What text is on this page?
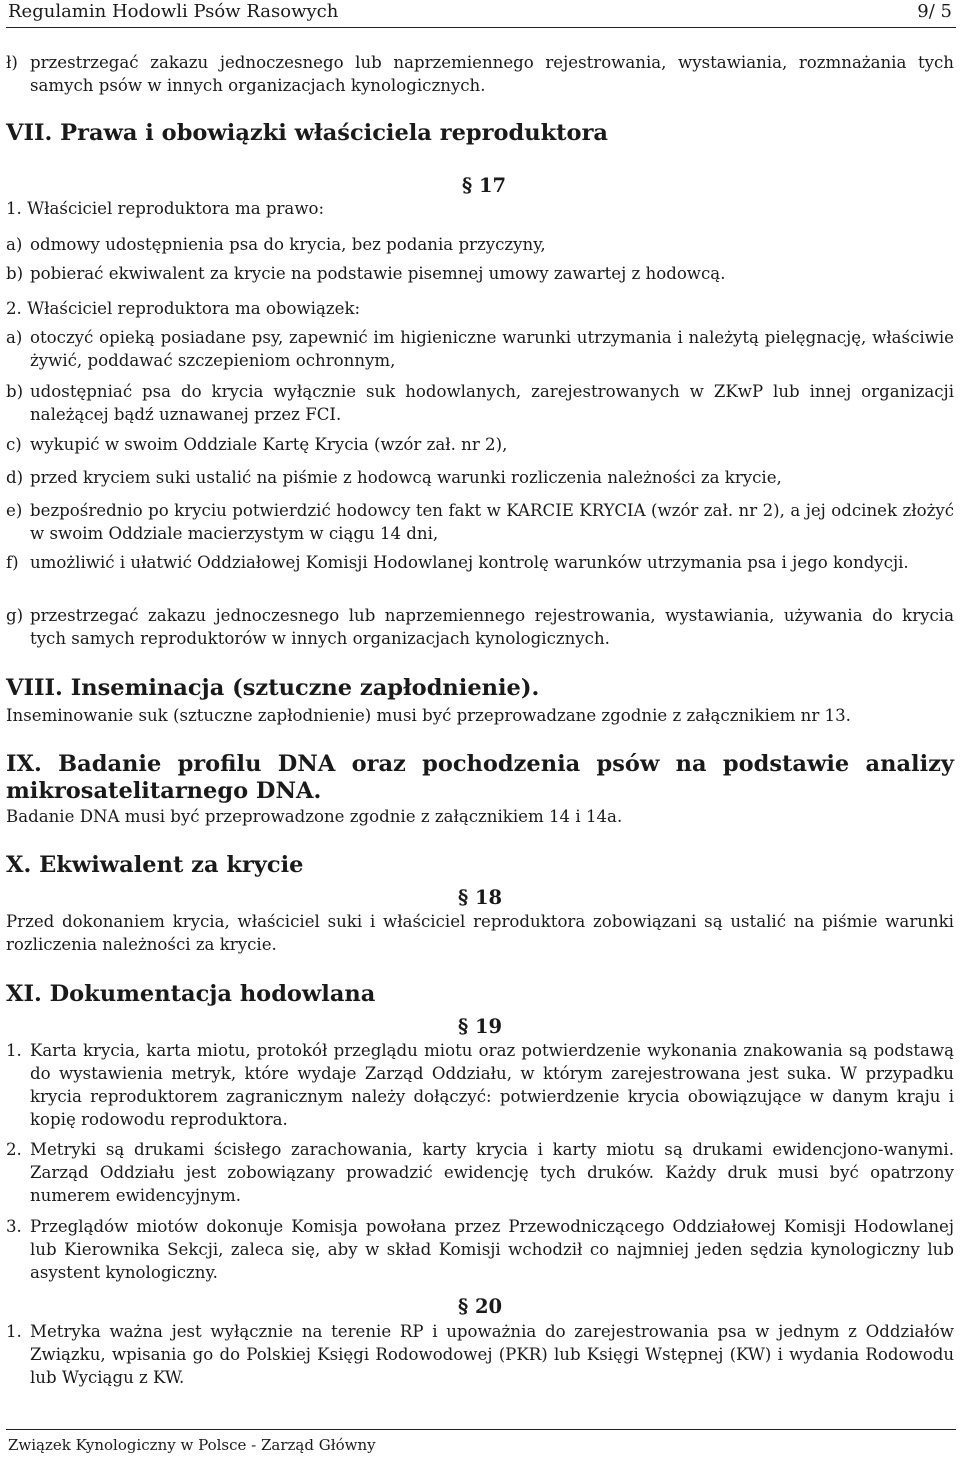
Regulamin Hodowli Psów Rasowych	9/ 5
ł) przestrzegać zakazu jednoczesnego lub naprzemiennego rejestrowania, wystawiania, rozmnażania tych samych psów w innych organizacjach kynologicznych.
VII. Prawa i obowiązki właściciela reproduktora
§ 17
1. Właściciel reproduktora ma prawo:
a) odmowy udostępnienia psa do krycia, bez podania przyczyny,
b) pobierać ekwiwalent za krycie na podstawie pisemnej umowy zawartej z hodowcą.
2. Właściciel reproduktora ma obowiązek:
a) otoczyć opieką posiadane psy, zapewnić im higieniczne warunki utrzymania i należytą pielęgnację, właściwie żywić, poddawać szczepieniom ochronnym,
b) udostępniać psa do krycia wyłącznie suk hodowlanych, zarejestrowanych w ZKwP lub innej organizacji należącej bądź uznawanej przez FCI.
c) wykupić w swoim Oddziale Kartę Krycia (wzór zał. nr 2),
d) przed kryciem suki ustalić na piśmie z hodowcą warunki rozliczenia należności za krycie,
e) bezpośrednio po kryciu potwierdzić hodowcy ten fakt w KARCIE KRYCIA (wzór zał. nr 2), a jej odcinek złożyć w swoim Oddziale macierzystym w ciągu 14 dni,
f) umożliwić i ułatwić Oddziałowej Komisji Hodowlanej kontrolę warunków utrzymania psa i jego kondycji.
g) przestrzegać zakazu jednoczesnego lub naprzemiennego rejestrowania, wystawiania, używania do krycia tych samych reproduktorów w innych organizacjach kynologicznych.
VIII. Inseminacja (sztuczne zapłodnienie).
Inseminowanie suk (sztuczne zapłodnienie) musi być przeprowadzane zgodnie z załącznikiem nr 13.
IX. Badanie profilu DNA oraz pochodzenia psów na podstawie analizy mikrosatelitarnego DNA.
Badanie DNA musi być przeprowadzone zgodnie z załącznikiem 14 i 14a.
X. Ekwiwalent za krycie
§ 18
Przed dokonaniem krycia, właściciel suki i właściciel reproduktora zobowiązani są ustalić na piśmie warunki rozliczenia należności za krycie.
XI. Dokumentacja hodowlana
§ 19
1. Karta krycia, karta miotu, protokół przeglądu miotu oraz potwierdzenie wykonania znakowania są podstawą do wystawienia metryk, które wydaje Zarząd Oddziału, w którym zarejestrowana jest suka. W przypadku krycia reproduktorem zagranicznym należy dołączyć: potwierdzenie krycia obowiązujące w danym kraju i kopię rodowodu reproduktora.
2. Metryki są drukami ścisłego zarachowania, karty krycia i karty miotu są drukami ewidencjono-wanymi. Zarząd Oddziału jest zobowiązany prowadzić ewidencję tych druków. Każdy druk musi być opatrzony numerem ewidencyjnym.
3. Przeglądów miotów dokonuje Komisja powołana przez Przewodniczącego Oddziałowej Komisji Hodowlanej lub Kierownika Sekcji, zaleca się, aby w skład Komisji wchodził co najmniej jeden sędzia kynologiczny lub asystent kynologiczny.
§ 20
1. Metryka ważna jest wyłącznie na terenie RP i upoważnia do zarejestrowania psa w jednym z Oddziałów Związku, wpisania go do Polskiej Księgi Rodowodowej (PKR) lub Księgi Wstępnej (KW) i wydania Rodowodu lub Wyciągu z KW.
Związek Kynologiczny w Polsce - Zarząd Główny
